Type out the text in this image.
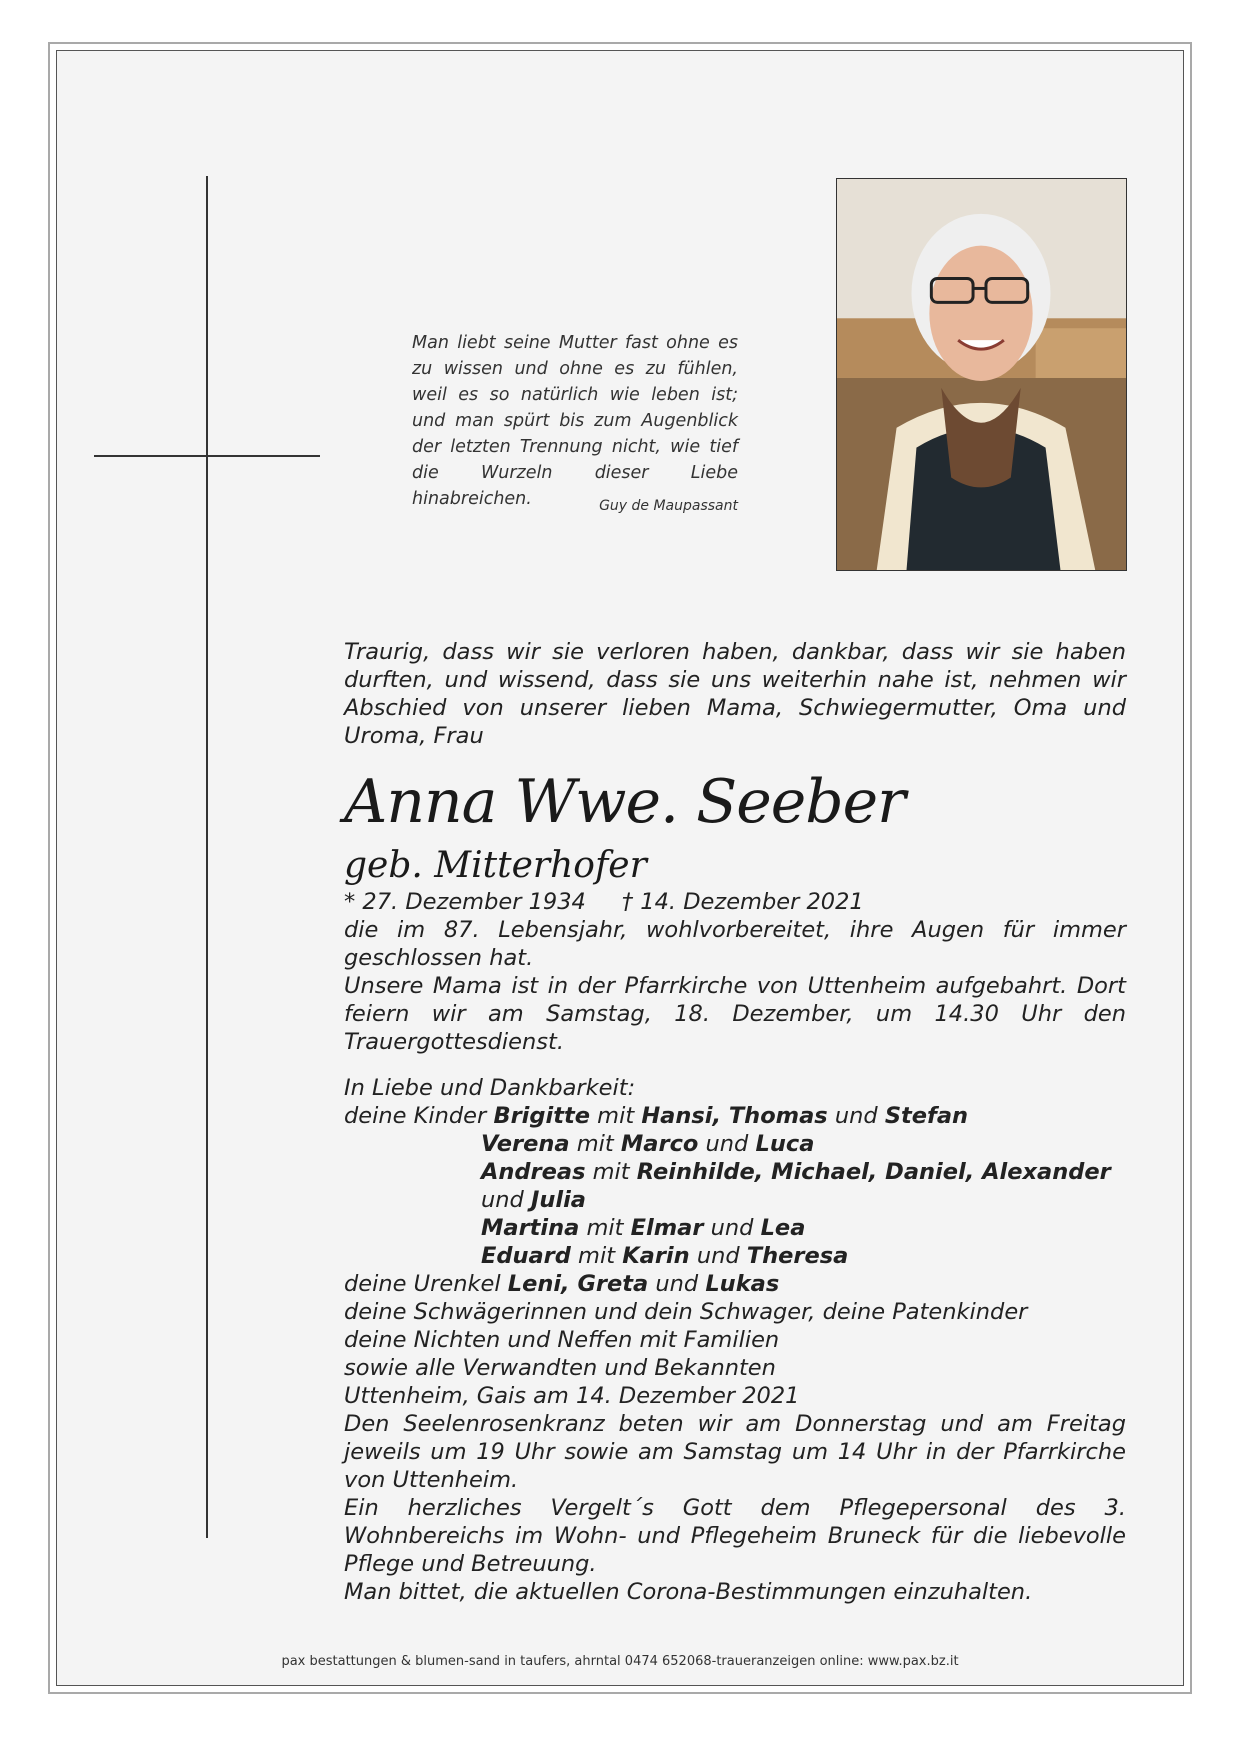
Man liebt seine Mutter fast ohne es zu wissen und ohne es zu fühlen, weil es so natürlich wie leben ist; und man spürt bis zum Augenblick der letzten Trennung nicht, wie tief die Wurzeln dieser Liebe hinabreichen.	Guy de Maupassant

Traurig, dass wir sie verloren haben, dankbar, dass wir sie haben durften, und wissend, dass sie uns weiterhin nahe ist, nehmen wir Abschied von unserer lieben Mama, Schwiegermutter, Oma und Uroma, Frau

Anna Wwe. Seeber
geb. Mitterhofer

* 27. Dezember 1934 † 14. Dezember 2021

die im 87. Lebensjahr, wohlvorbereitet, ihre Augen für immer geschlossen hat.

Unsere Mama ist in der Pfarrkirche von Uttenheim aufgebahrt. Dort feiern wir am Samstag, 18. Dezember, um 14.30 Uhr den Trauergottesdienst.

In Liebe und Dankbarkeit:

deine Kinder Brigitte mit Hansi, Thomas und Stefan

Verena mit Marco und Luca

Andreas mit Reinhilde, Michael, Daniel, Alexander und Julia

Martina mit Elmar und Lea

Eduard mit Karin und Theresa

deine Urenkel Leni, Greta und Lukas

deine Schwägerinnen und dein Schwager, deine Patenkinder

deine Nichten und Neffen mit Familien

sowie alle Verwandten und Bekannten

Uttenheim, Gais am 14. Dezember 2021

Den Seelenrosenkranz beten wir am Donnerstag und am Freitag jeweils um 19 Uhr sowie am Samstag um 14 Uhr in der Pfarrkirche von Uttenheim.

Ein herzliches Vergelt´s Gott dem Pflegepersonal des 3. Wohnbereichs im Wohn- und Pflegeheim Bruneck für die liebevolle Pflege und Betreuung.

Man bittet, die aktuellen Corona-Bestimmungen einzuhalten.

pax bestattungen & blumen-sand in taufers, ahrntal 0474 652068-traueranzeigen online: www.pax.bz.it
